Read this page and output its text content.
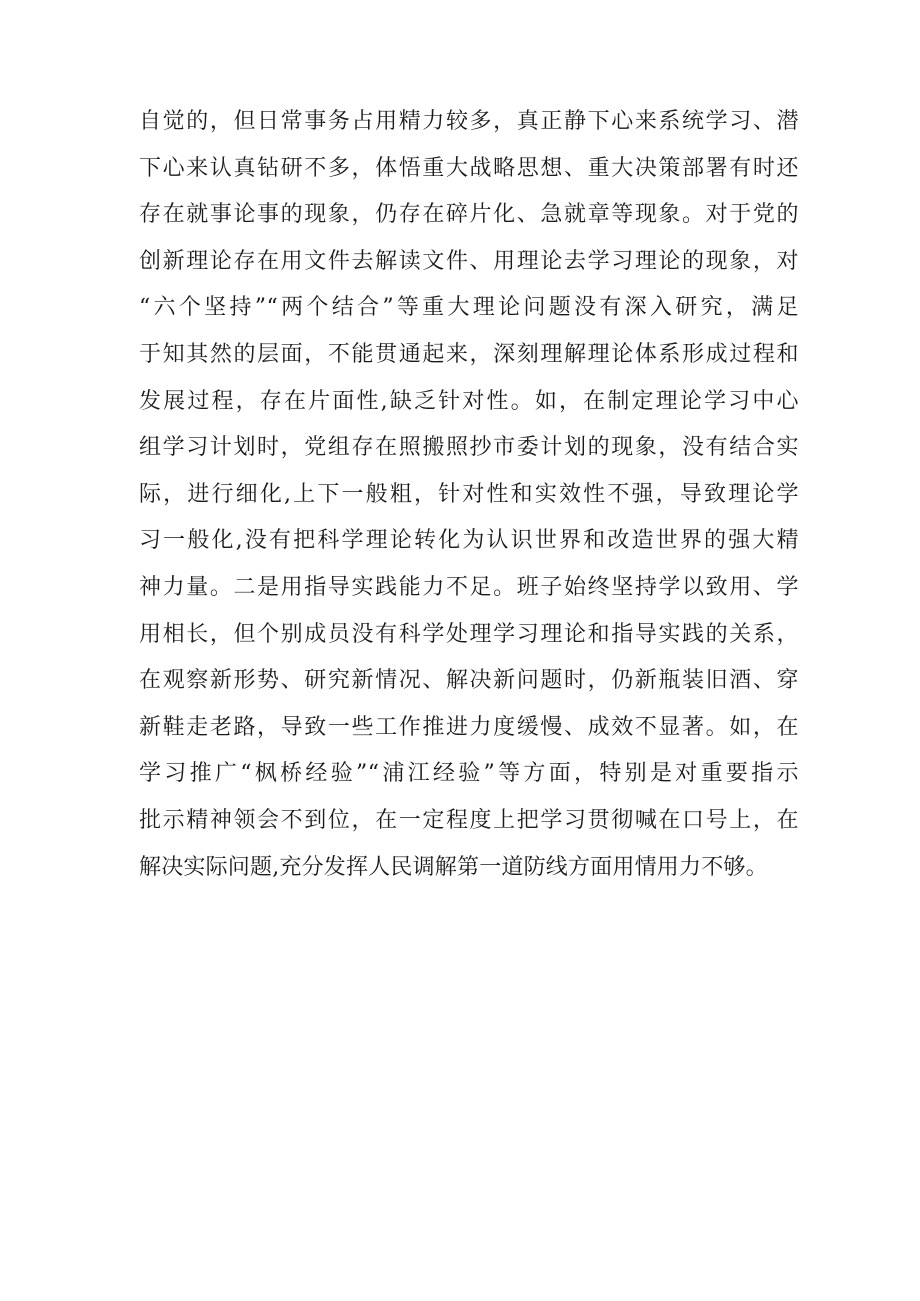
自觉的，但日常事务占用精力较多，真正静下心来系统学习、潜
下心来认真钻研不多，体悟重大战略思想、重大决策部署有时还
存在就事论事的现象，仍存在碎片化、急就章等现象。对于党的
创新理论存在用文件去解读文件、用理论去学习理论的现象，对
“六个坚持”“两个结合”等重大理论问题没有深入研究，满足
于知其然的层面，不能贯通起来，深刻理解理论体系形成过程和
发展过程，存在片面性,缺乏针对性。如，在制定理论学习中心
组学习计划时，党组存在照搬照抄市委计划的现象，没有结合实
际，进行细化,上下一般粗，针对性和实效性不强，导致理论学
习一般化,没有把科学理论转化为认识世界和改造世界的强大精
神力量。二是用指导实践能力不足。班子始终坚持学以致用、学
用相长，但个别成员没有科学处理学习理论和指导实践的关系，
在观察新形势、研究新情况、解决新问题时，仍新瓶装旧酒、穿
新鞋走老路，导致一些工作推进力度缓慢、成效不显著。如，在
学习推广“枫桥经验”“浦江经验”等方面，特别是对重要指示
批示精神领会不到位，在一定程度上把学习贯彻喊在口号上，在
解决实际问题,充分发挥人民调解第一道防线方面用情用力不够。
